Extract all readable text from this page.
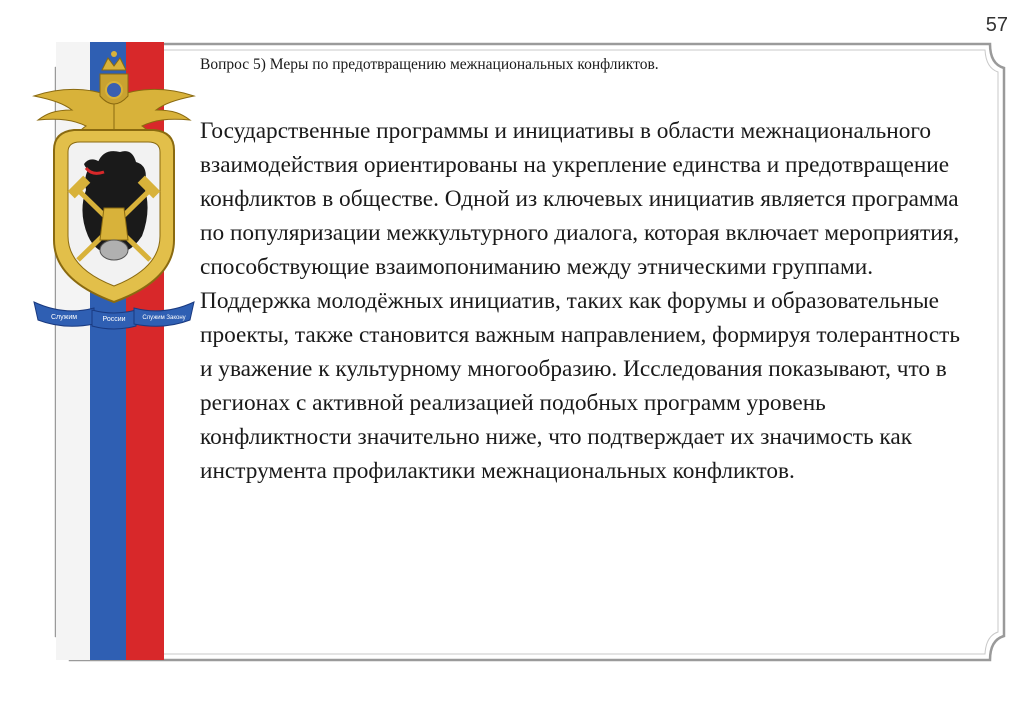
57
Служим	России	Служим Закону
Вопрос 5) Меры по предотвращению межнациональных конфликтов.

Государственные программы и инициативы в области межнационального взаимодействия ориентированы на укрепление единства и предотвращение конфликтов в обществе. Одной из ключевых инициатив является программа по популяризации межкультурного диалога, которая включает мероприятия, способствующие взаимопониманию между этническими группами. Поддержка молодёжных инициатив, таких как форумы и образовательные проекты, также становится важным направлением, формируя толерантность и уважение к культурному многообразию. Исследования показывают, что в регионах с активной реализацией подобных программ уровень конфликтности значительно ниже, что подтверждает их значимость как инструмента профилактики межнациональных конфликтов.
